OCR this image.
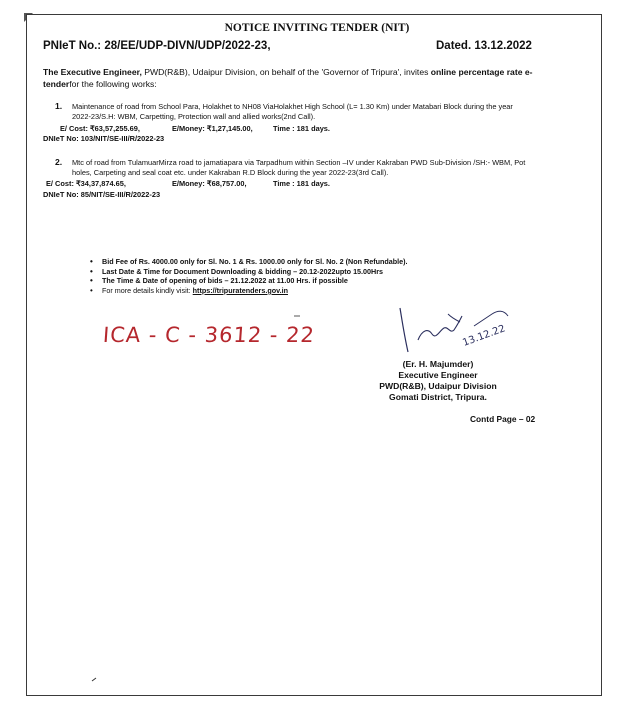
NOTICE INVITING TENDER (NIT)
PNIeT No.: 28/EE/UDP-DIVN/UDP/2022-23,	Dated. 13.12.2022
The Executive Engineer, PWD(R&B), Udaipur Division, on behalf of the 'Governor of Tripura', invites online percentage rate e-tenderfor the following works:
1. Maintenance of road from School Para, Holakhet to NH08 ViaHolakhet High School (L= 1.30 Km) under Matabari Block during the year
2022-23/S.H: WBM, Carpetting, Protection wall and allied works(2nd Call).
E/ Cost: ₹63,57,255.69,	E/Money: ₹1,27,145.00,	Time : 181 days.
DNIeT No: 103/NIT/SE-III/R/2022-23
2. Mtc of road from TulamuarMirza road to jamatiapara via Tarpadhum within Section –IV under Kakraban PWD Sub-Division /SH:- WBM, Pot
holes, Carpeting and seal coat etc. under Kakraban R.D Block during the year 2022-23(3rd Call).
E/ Cost: ₹34,37,874.65,	E/Money: ₹68,757.00,	Time : 181 days.
DNIeT No: 85/NIT/SE-III/R/2022-23
• Bid Fee of Rs. 4000.00 only for Sl. No. 1 & Rs. 1000.00 only for Sl. No. 2 (Non Refundable).
• Last Date & Time for Document Downloading & bidding – 20.12-2022upto 15.00Hrs
• The Time & Date of opening of bids – 21.12.2022 at 11.00 Hrs. if possible
• For more details kindly visit: https://tripuratenders.gov.in
ICA - C - 3612 - 22	13.12.22
(Er. H. Majumder)
Executive Engineer
PWD(R&B), Udaipur Division
Gomati District, Tripura.
Contd Page – 02
